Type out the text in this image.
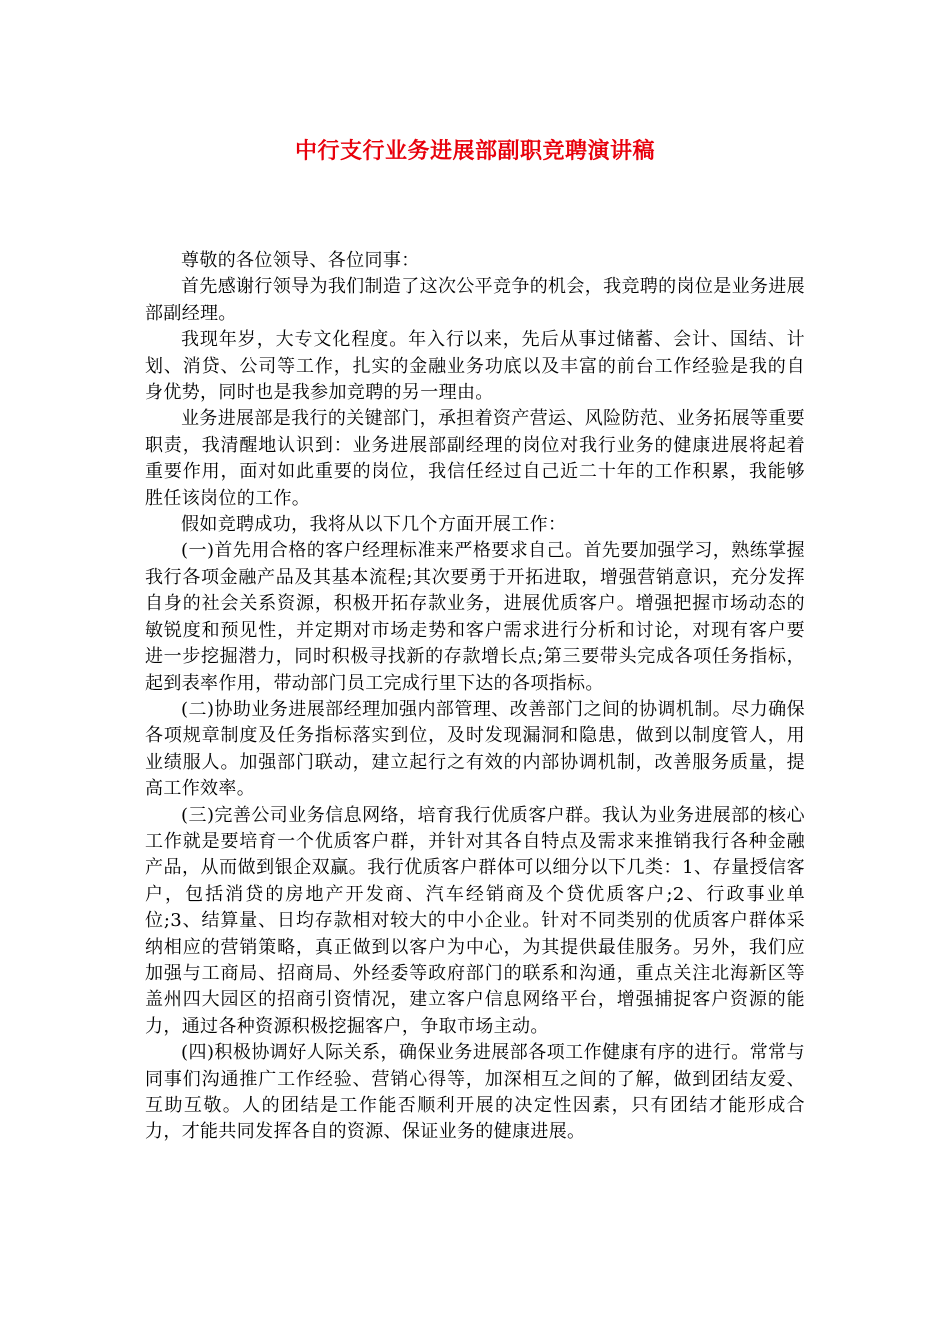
中行支行业务进展部副职竞聘演讲稿

尊敬的各位领导、各位同事：

首先感谢行领导为我们制造了这次公平竞争的机会，我竞聘的岗位是业务进展部副经理。

我现年岁，大专文化程度。年入行以来，先后从事过储蓄、会计、国结、计划、消贷、公司等工作，扎实的金融业务功底以及丰富的前台工作经验是我的自身优势，同时也是我参加竞聘的另一理由。

业务进展部是我行的关键部门，承担着资产营运、风险防范、业务拓展等重要职责，我清醒地认识到：业务进展部副经理的岗位对我行业务的健康进展将起着重要作用，面对如此重要的岗位，我信任经过自己近二十年的工作积累，我能够胜任该岗位的工作。

假如竞聘成功，我将从以下几个方面开展工作：

(一)首先用合格的客户经理标准来严格要求自己。首先要加强学习，熟练掌握我行各项金融产品及其基本流程;其次要勇于开拓进取，增强营销意识，充分发挥自身的社会关系资源，积极开拓存款业务，进展优质客户。增强把握市场动态的敏锐度和预见性，并定期对市场走势和客户需求进行分析和讨论，对现有客户要进一步挖掘潜力，同时积极寻找新的存款增长点;第三要带头完成各项任务指标，起到表率作用，带动部门员工完成行里下达的各项指标。

(二)协助业务进展部经理加强内部管理、改善部门之间的协调机制。尽力确保各项规章制度及任务指标落实到位，及时发现漏洞和隐患，做到以制度管人，用业绩服人。加强部门联动，建立起行之有效的内部协调机制，改善服务质量，提高工作效率。

(三)完善公司业务信息网络，培育我行优质客户群。我认为业务进展部的核心工作就是要培育一个优质客户群，并针对其各自特点及需求来推销我行各种金融产品，从而做到银企双赢。我行优质客户群体可以细分以下几类：1、存量授信客户，包括消贷的房地产开发商、汽车经销商及个贷优质客户;2、行政事业单位;3、结算量、日均存款相对较大的中小企业。针对不同类别的优质客户群体采纳相应的营销策略，真正做到以客户为中心，为其提供最佳服务。另外，我们应加强与工商局、招商局、外经委等政府部门的联系和沟通，重点关注北海新区等盖州四大园区的招商引资情况，建立客户信息网络平台，增强捕捉客户资源的能力，通过各种资源积极挖掘客户，争取市场主动。

(四)积极协调好人际关系，确保业务进展部各项工作健康有序的进行。常常与同事们沟通推广工作经验、营销心得等，加深相互之间的了解，做到团结友爱、互助互敬。人的团结是工作能否顺利开展的决定性因素，只有团结才能形成合力，才能共同发挥各自的资源、保证业务的健康进展。
